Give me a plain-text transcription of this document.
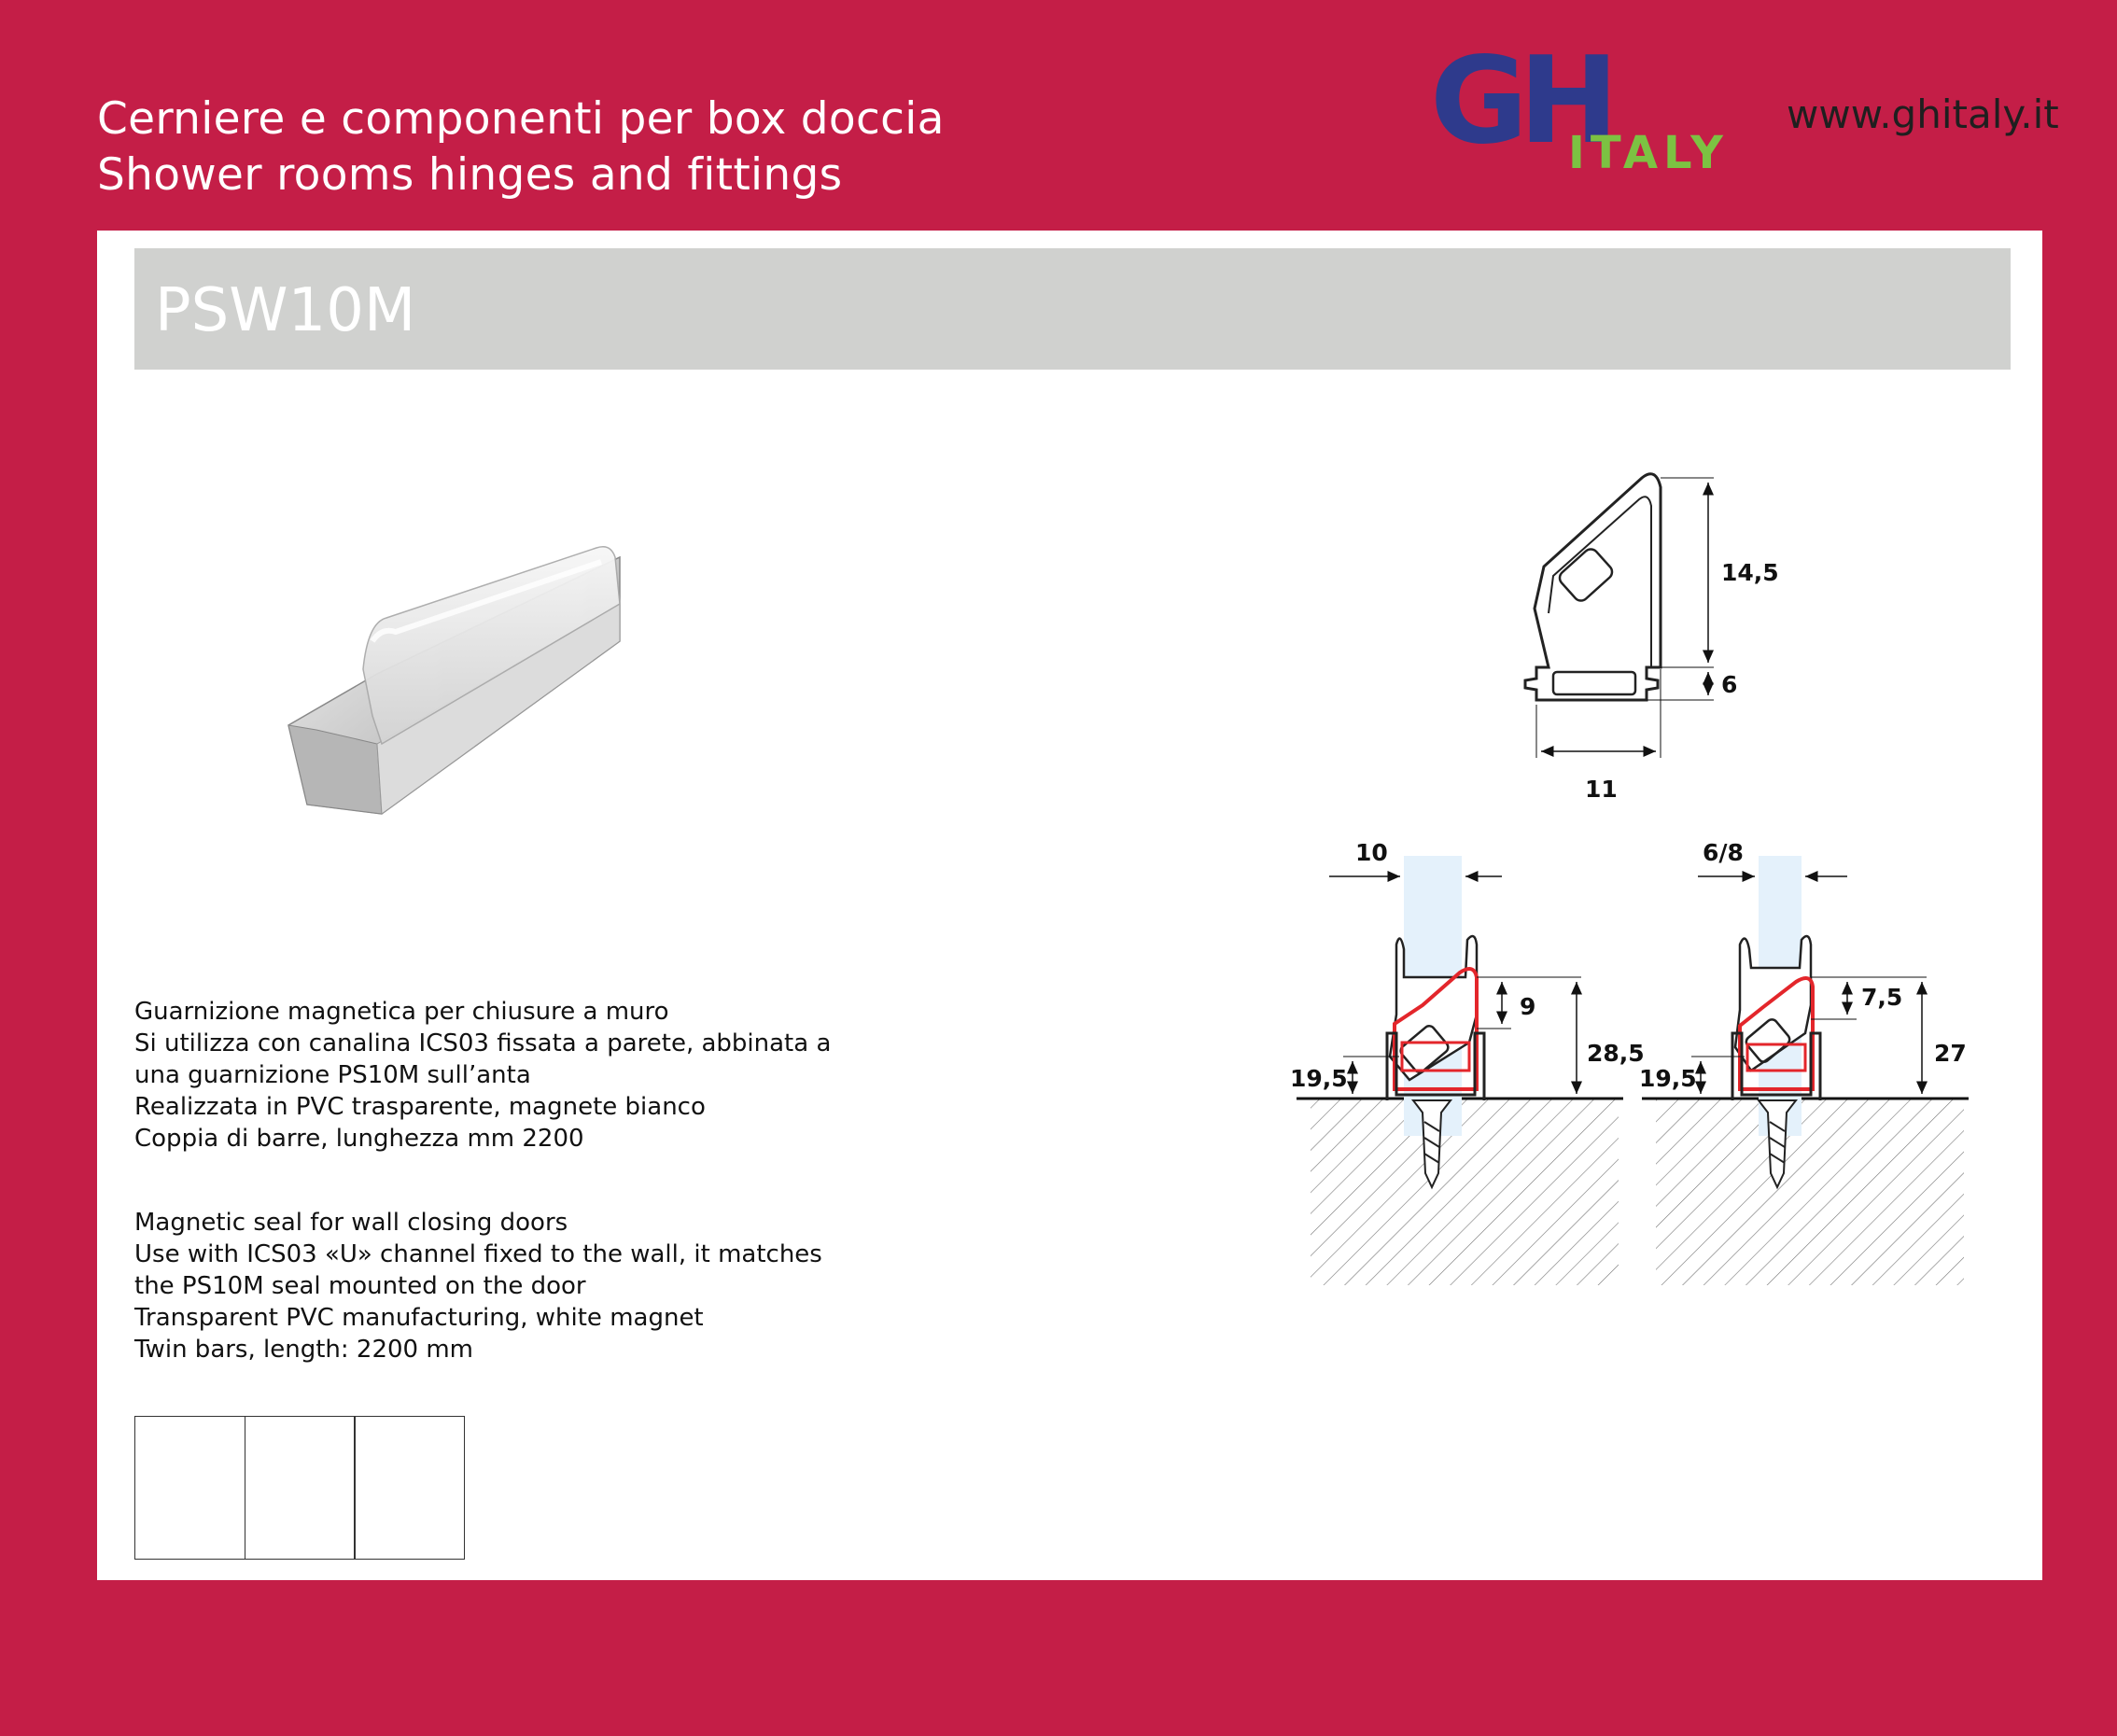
Cerniere e componenti per box doccia
Shower rooms hinges and fittings
GH
ITALY
www.ghitaly.it
PSW10M
Guarnizione magnetica per chiusure a muro
Si utilizza con canalina ICS03 fissata a parete, abbinata a
una guarnizione PS10M sull’anta
Realizzata in PVC trasparente, magnete bianco
Coppia di barre, lunghezza mm 2200
Magnetic seal for wall closing doors
Use with ICS03 «U» channel fixed to the wall, it matches
the PS10M seal mounted on the door
Transparent PVC manufacturing, white magnet
Twin bars, length: 2200 mm
14,5
6
11
10
9
28,5
19,5
6/8
7,5
27
19,5
